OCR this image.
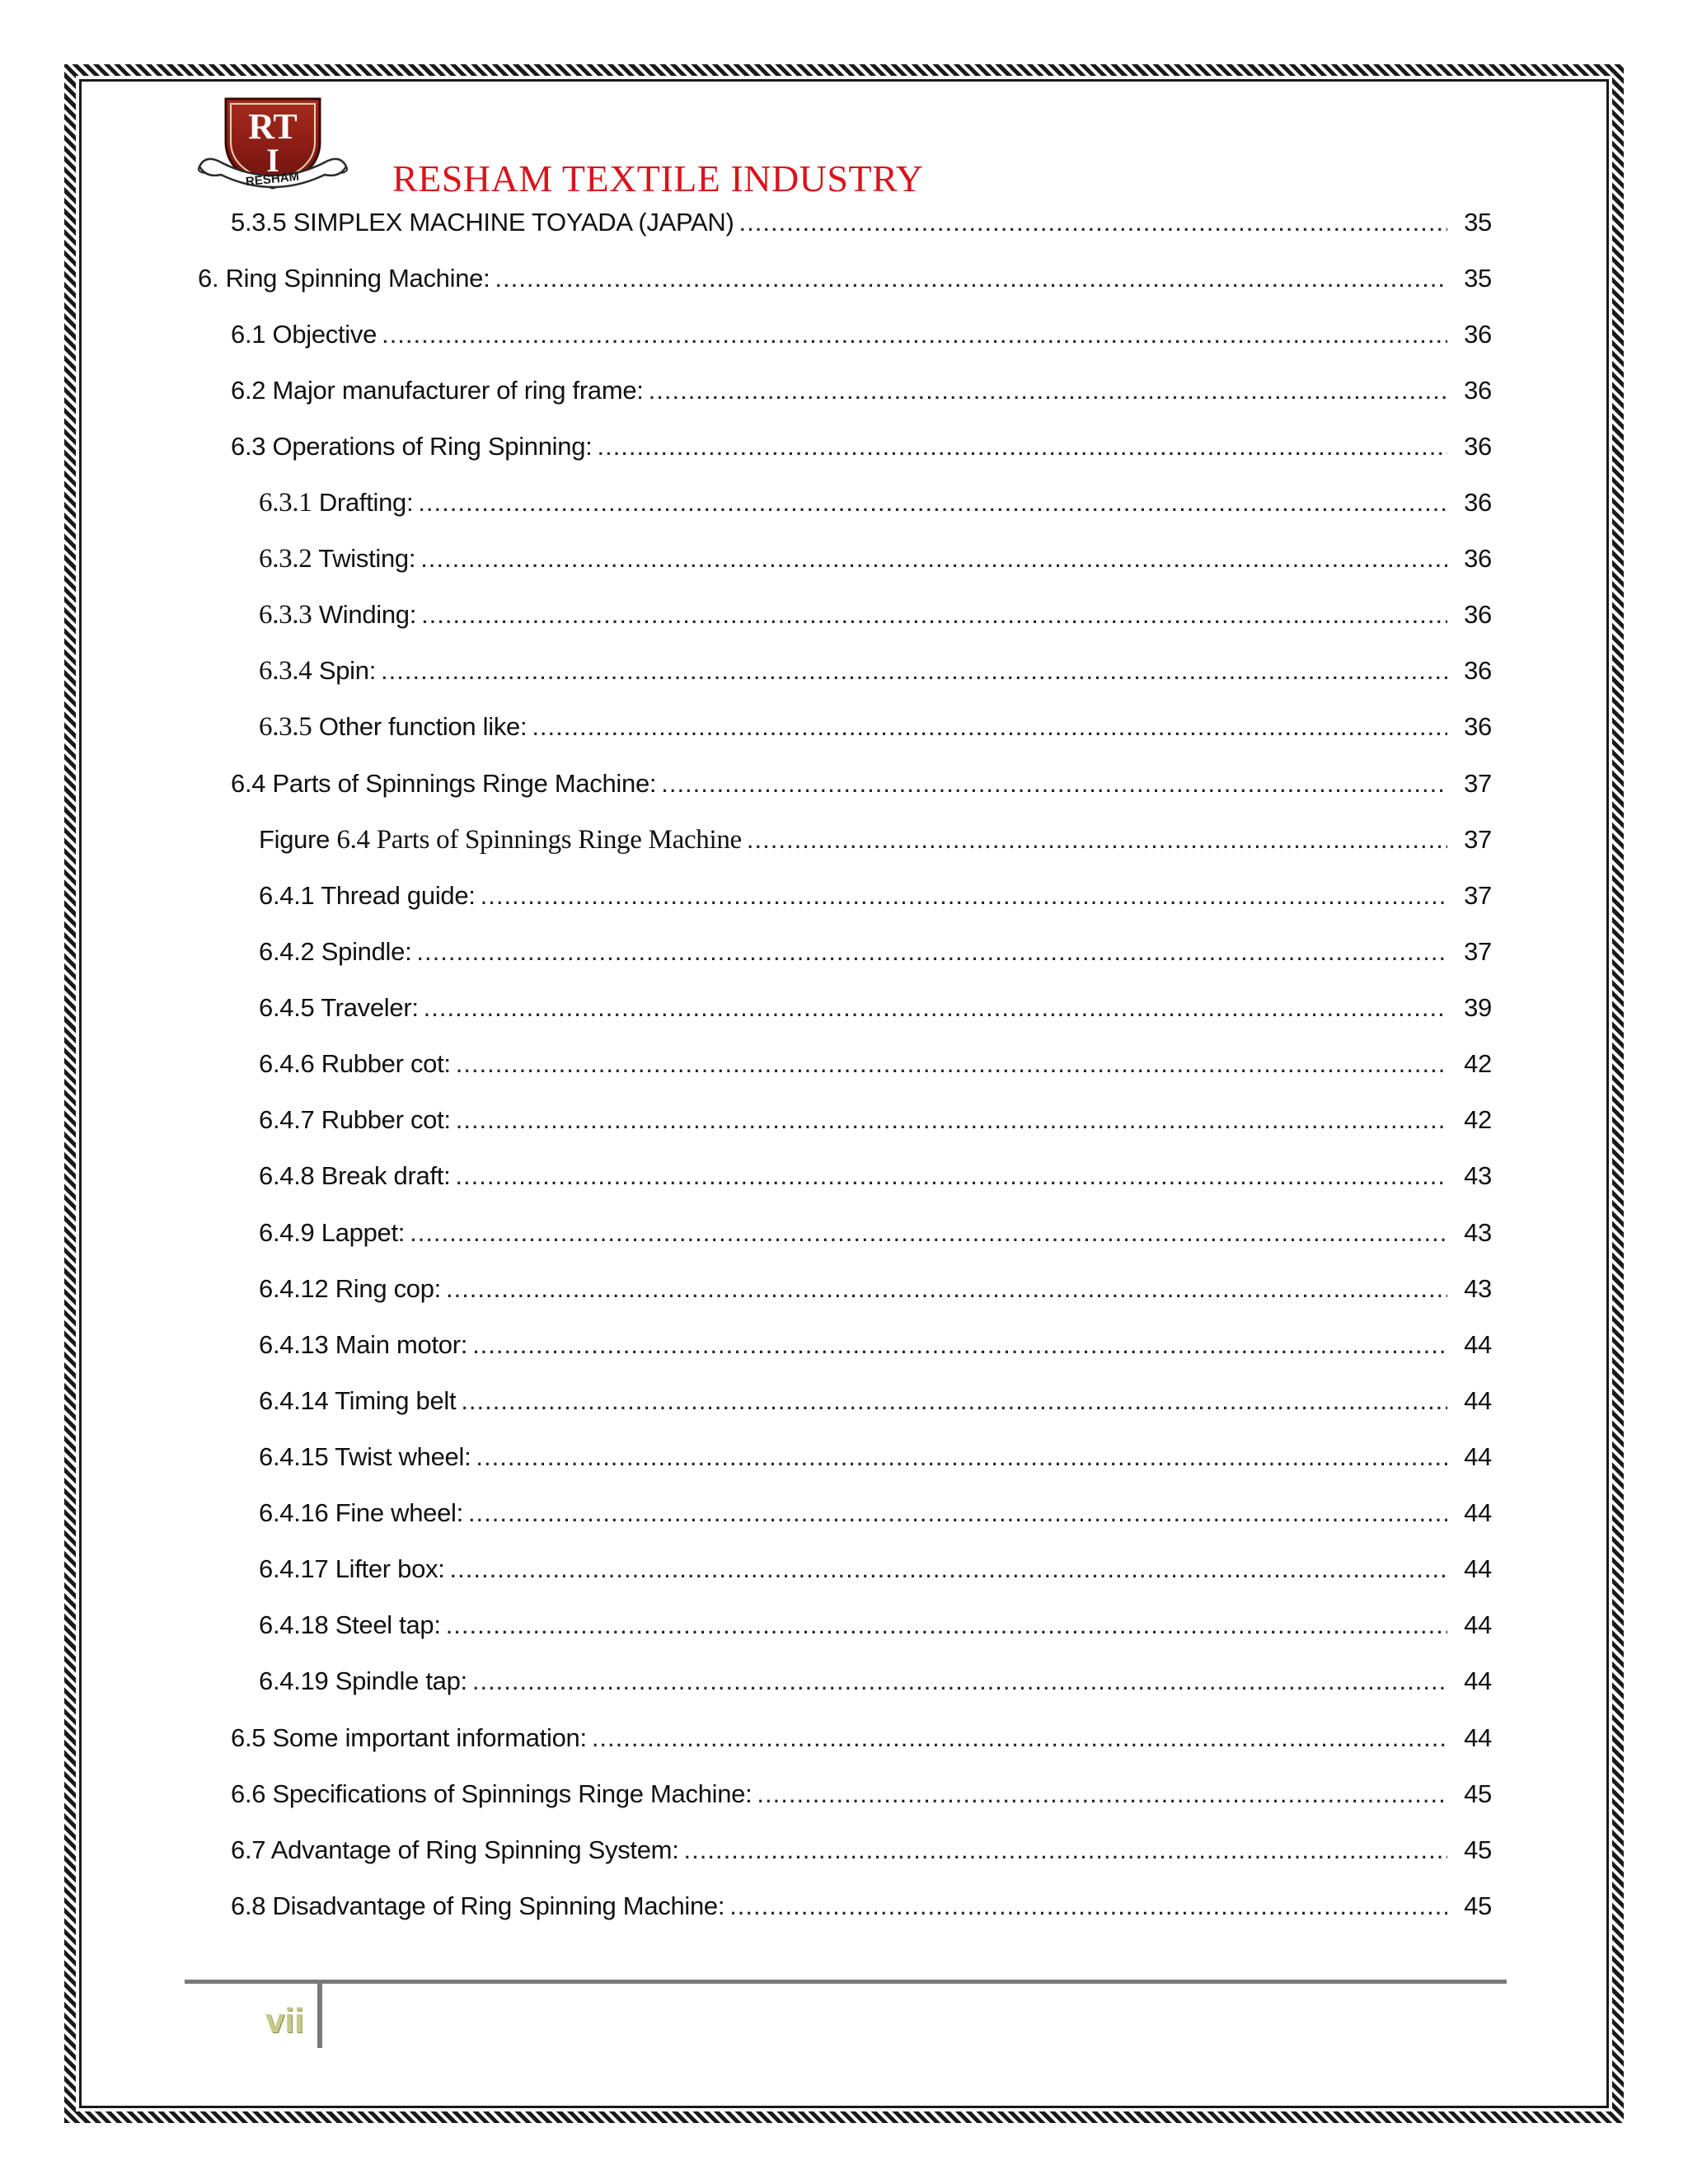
RT
I
RESHAM RESHAM TEXTILE INDUSTRY
5.3.5 SIMPLEX MACHINE TOYADA (JAPAN) .....	35
6. Ring Spinning Machine: .....	35
6.1 Objective .....	36
6.2 Major manufacturer of ring frame: .....	36
6.3 Operations of Ring Spinning: .....	36
6.3.1 Drafting: .....	36
6.3.2 Twisting: .....	36
6.3.3 Winding: .....	36
6.3.4 Spin: .....	36
6.3.5 Other function like: .....	36
6.4 Parts of Spinnings Ringe Machine: .....	37
Figure 6.4 Parts of Spinnings Ringe Machine .....	37
6.4.1 Thread guide: .....	37
6.4.2 Spindle: .....	37
6.4.5 Traveler: .....	39
6.4.6 Rubber cot: .....	42
6.4.7 Rubber cot: .....	42
6.4.8 Break draft: .....	43
6.4.9 Lappet: .....	43
6.4.12 Ring cop: .....	43
6.4.13 Main motor: .....	44
6.4.14 Timing belt .....	44
6.4.15 Twist wheel: .....	44
6.4.16 Fine wheel: .....	44
6.4.17 Lifter box: .....	44
6.4.18 Steel tap: .....	44
6.4.19 Spindle tap: .....	44
6.5 Some important information: .....	44
6.6 Specifications of Spinnings Ringe Machine: .....	45
6.7 Advantage of Ring Spinning System: .....	45
6.8 Disadvantage of Ring Spinning Machine: .....	45
vii
